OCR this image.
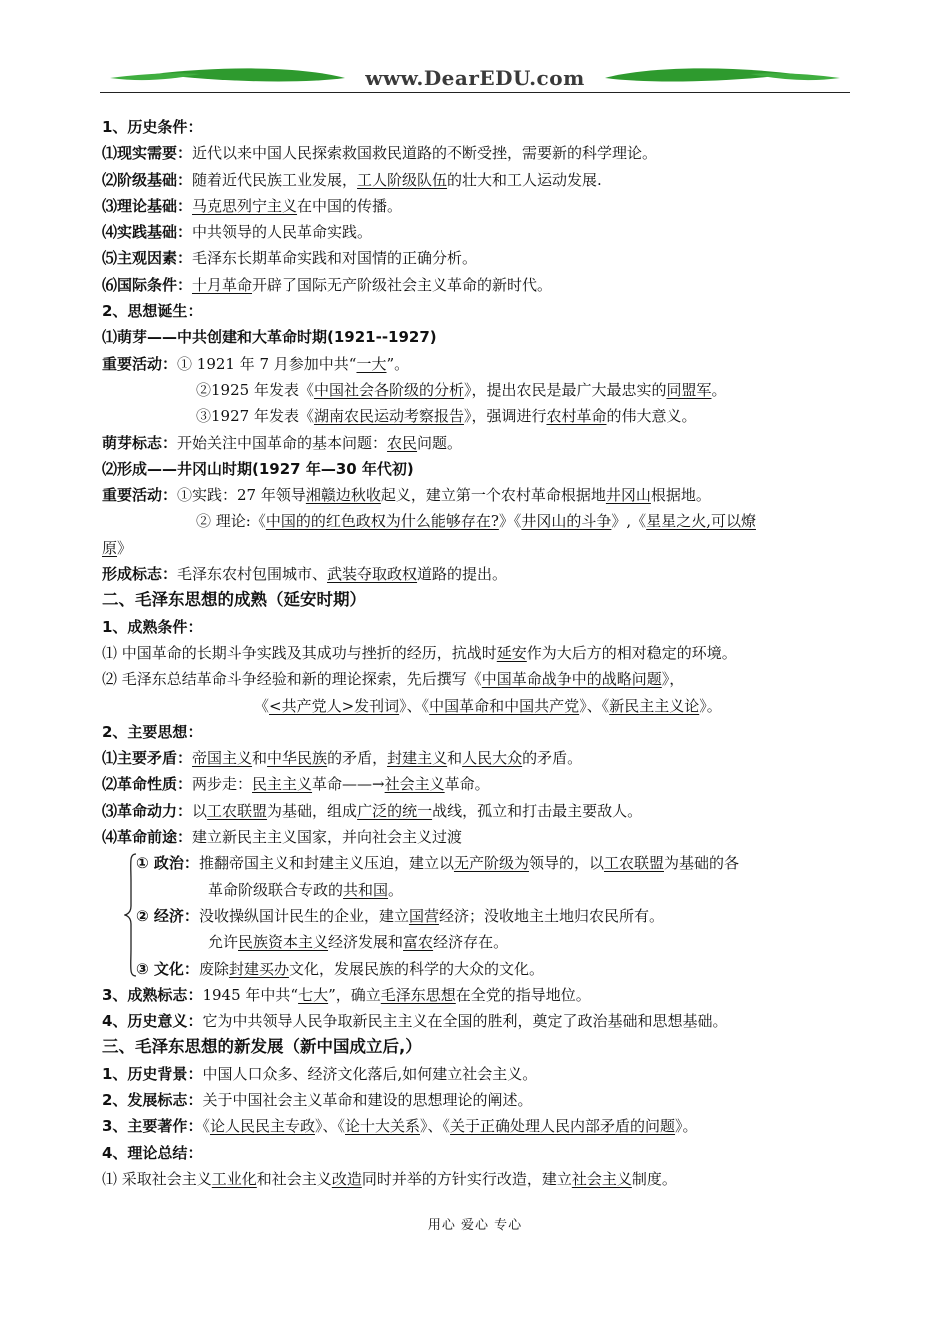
www.DearEDU.com
1、历史条件：
⑴现实需要：近代以来中国人民探索救国救民道路的不断受挫，需要新的科学理论。
⑵阶级基础：随着近代民族工业发展，工人阶级队伍的壮大和工人运动发展.
⑶理论基础：马克思列宁主义在中国的传播。
⑷实践基础：中共领导的人民革命实践。
⑸主观因素：毛泽东长期革命实践和对国情的正确分析。
⑹国际条件：十月革命开辟了国际无产阶级社会主义革命的新时代。
2、思想诞生：
⑴萌芽——中共创建和大革命时期(1921--1927)
重要活动：① 1921 年 7 月参加中共“一大”。
②1925 年发表《中国社会各阶级的分析》，提出农民是最广大最忠实的同盟军。
③1927 年发表《湖南农民运动考察报告》，强调进行农村革命的伟大意义。
萌芽标志：开始关注中国革命的基本问题：农民问题。
⑵形成——井冈山时期(1927 年—30 年代初)
重要活动：①实践：27 年领导湘赣边秋收起义，建立第一个农村革命根据地井冈山根据地。
② 理论:《中国的的红色政权为什么能够存在?》《井冈山的斗争》,《星星之火,可以燎
原》
形成标志：毛泽东农村包围城市、武装夺取政权道路的提出。
二、毛泽东思想的成熟（延安时期）
1、成熟条件：
⑴ 中国革命的长期斗争实践及其成功与挫折的经历，抗战时延安作为大后方的相对稳定的环境。
⑵ 毛泽东总结革命斗争经验和新的理论探索，先后撰写《中国革命战争中的战略问题》，
《<共产党人>发刊词》、《中国革命和中国共产党》、《新民主主义论》。
2、主要思想：
⑴主要矛盾：帝国主义和中华民族的矛盾，封建主义和人民大众的矛盾。
⑵革命性质：两步走：民主主义革命——→社会主义革命。
⑶革命动力：以工农联盟为基础，组成广泛的统一战线，孤立和打击最主要敌人。
⑷革命前途：建立新民主主义国家，并向社会主义过渡
① 政治：推翻帝国主义和封建主义压迫，建立以无产阶级为领导的，以工农联盟为基础的各
革命阶级联合专政的共和国。
② 经济：没收操纵国计民生的企业，建立国营经济；没收地主土地归农民所有。
允许民族资本主义经济发展和富农经济存在。
③ 文化：废除封建买办文化，发展民族的科学的大众的文化。
3、成熟标志：1945 年中共“七大”，确立毛泽东思想在全党的指导地位。
4、历史意义：它为中共领导人民争取新民主主义在全国的胜利，奠定了政治基础和思想基础。
三、毛泽东思想的新发展（新中国成立后,）
1、历史背景：中国人口众多、经济文化落后,如何建立社会主义。
2、发展标志：关于中国社会主义革命和建设的思想理论的阐述。
3、主要著作：《论人民民主专政》、《论十大关系》、《关于正确处理人民内部矛盾的问题》。
4、理论总结：
⑴ 采取社会主义工业化和社会主义改造同时并举的方针实行改造，建立社会主义制度。
用心 爱心 专心
